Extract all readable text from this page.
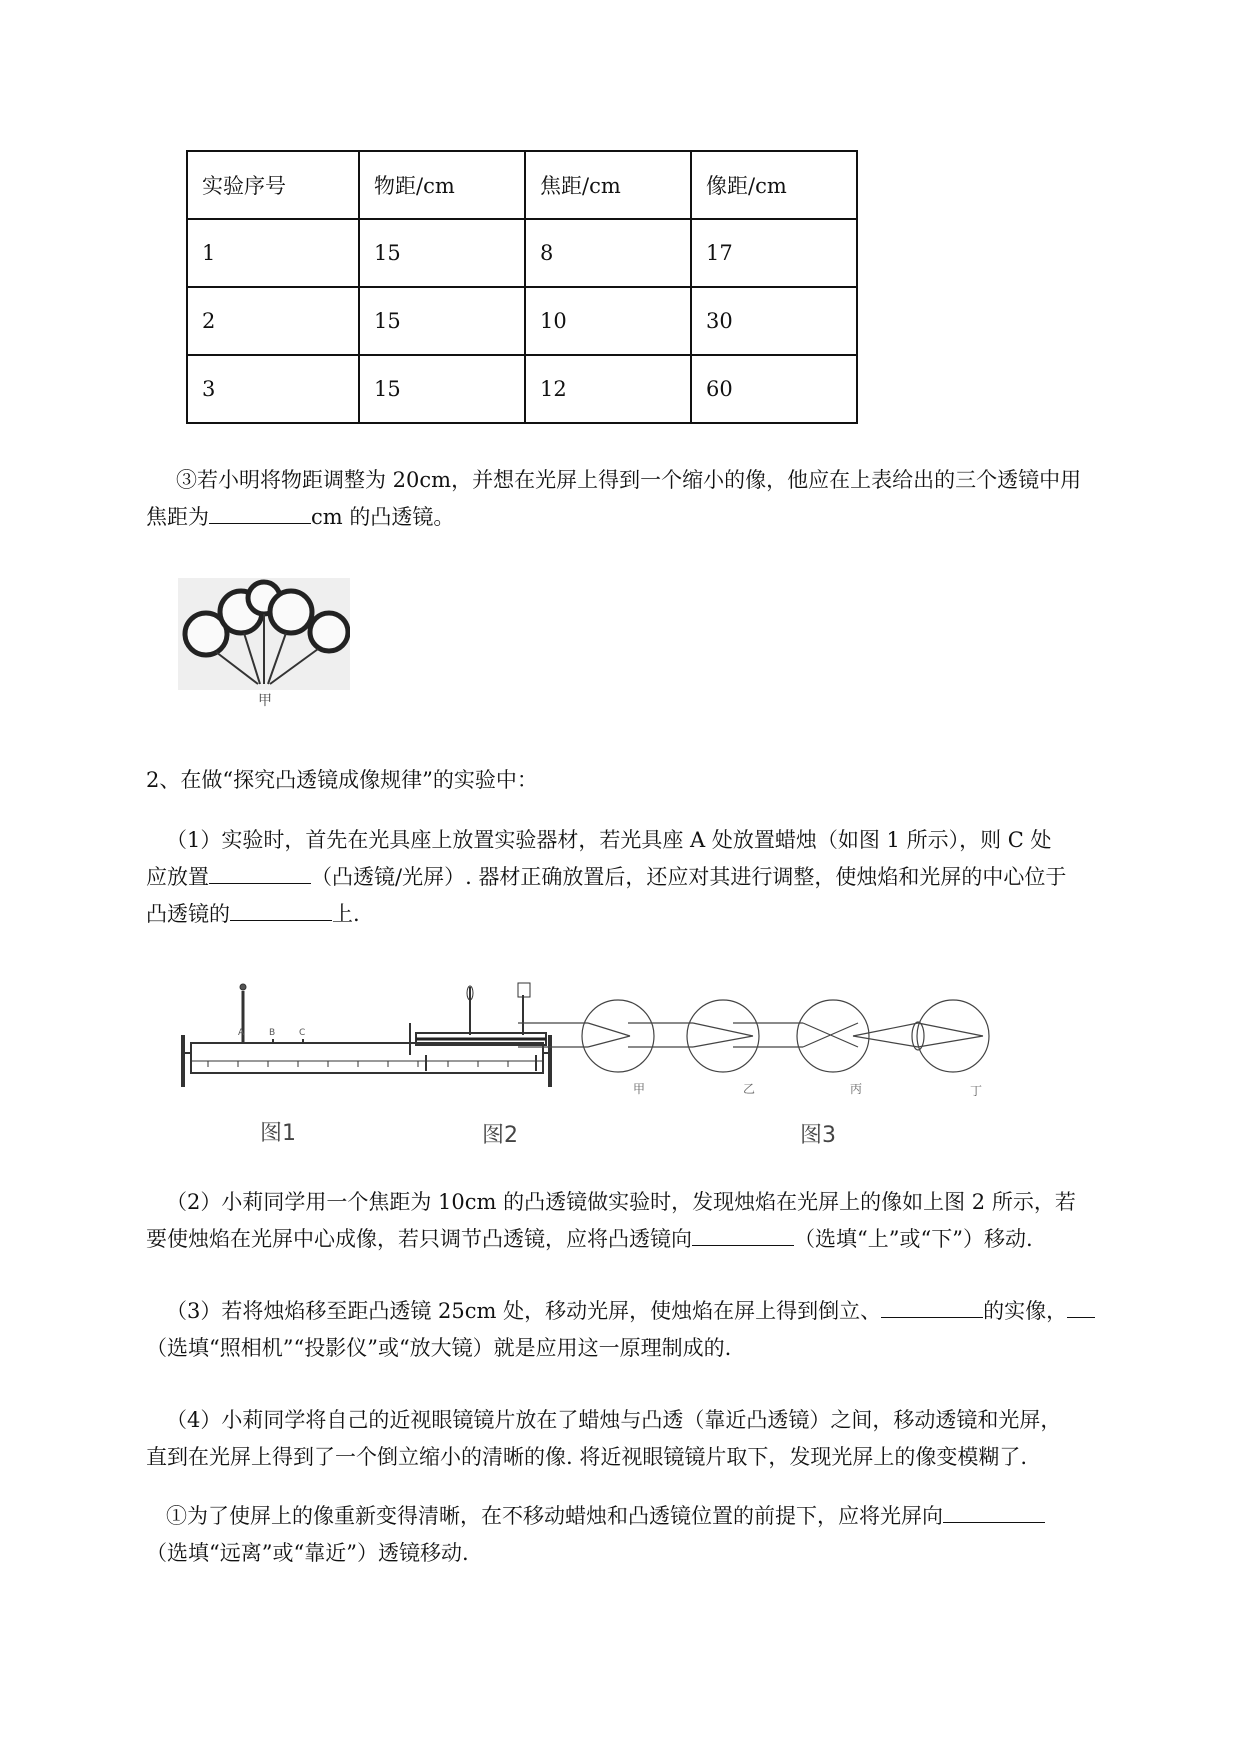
实验序号	物距/cm	焦距/cm	像距/cm
1	15	8	17
2	15	10	30
3	15	12	60

③若小明将物距调整为 20cm，并想在光屏上得到一个缩小的像，他应在上表给出的三个透镜中用

焦距为	cm 的凸透镜。

甲

2、在做“探究凸透镜成像规律”的实验中：

（1）实验时，首先在光具座上放置实验器材，若光具座 A 处放置蜡烛（如图 1 所示），则 C 处

应放置	（凸透镜/光屏）. 器材正确放置后，还应对其进行调整，使烛焰和光屏的中心位于

凸透镜的	上.

A	B	C
甲	乙	丙	丁
图1	图2	图3

（2）小莉同学用一个焦距为 10cm 的凸透镜做实验时，发现烛焰在光屏上的像如上图 2 所示，若

要使烛焰在光屏中心成像，若只调节凸透镜，应将凸透镜向	（选填“上”或“下”）移动.

（3）若将烛焰移至距凸透镜 25cm 处，移动光屏，使烛焰在屏上得到倒立、	的实像，

（选填“照相机”“投影仪”或“放大镜）就是应用这一原理制成的.

（4）小莉同学将自己的近视眼镜镜片放在了蜡烛与凸透（靠近凸透镜）之间，移动透镜和光屏，

直到在光屏上得到了一个倒立缩小的清晰的像. 将近视眼镜镜片取下，发现光屏上的像变模糊了.

①为了使屏上的像重新变得清晰，在不移动蜡烛和凸透镜位置的前提下，应将光屏向

（选填“远离”或“靠近”）透镜移动.
